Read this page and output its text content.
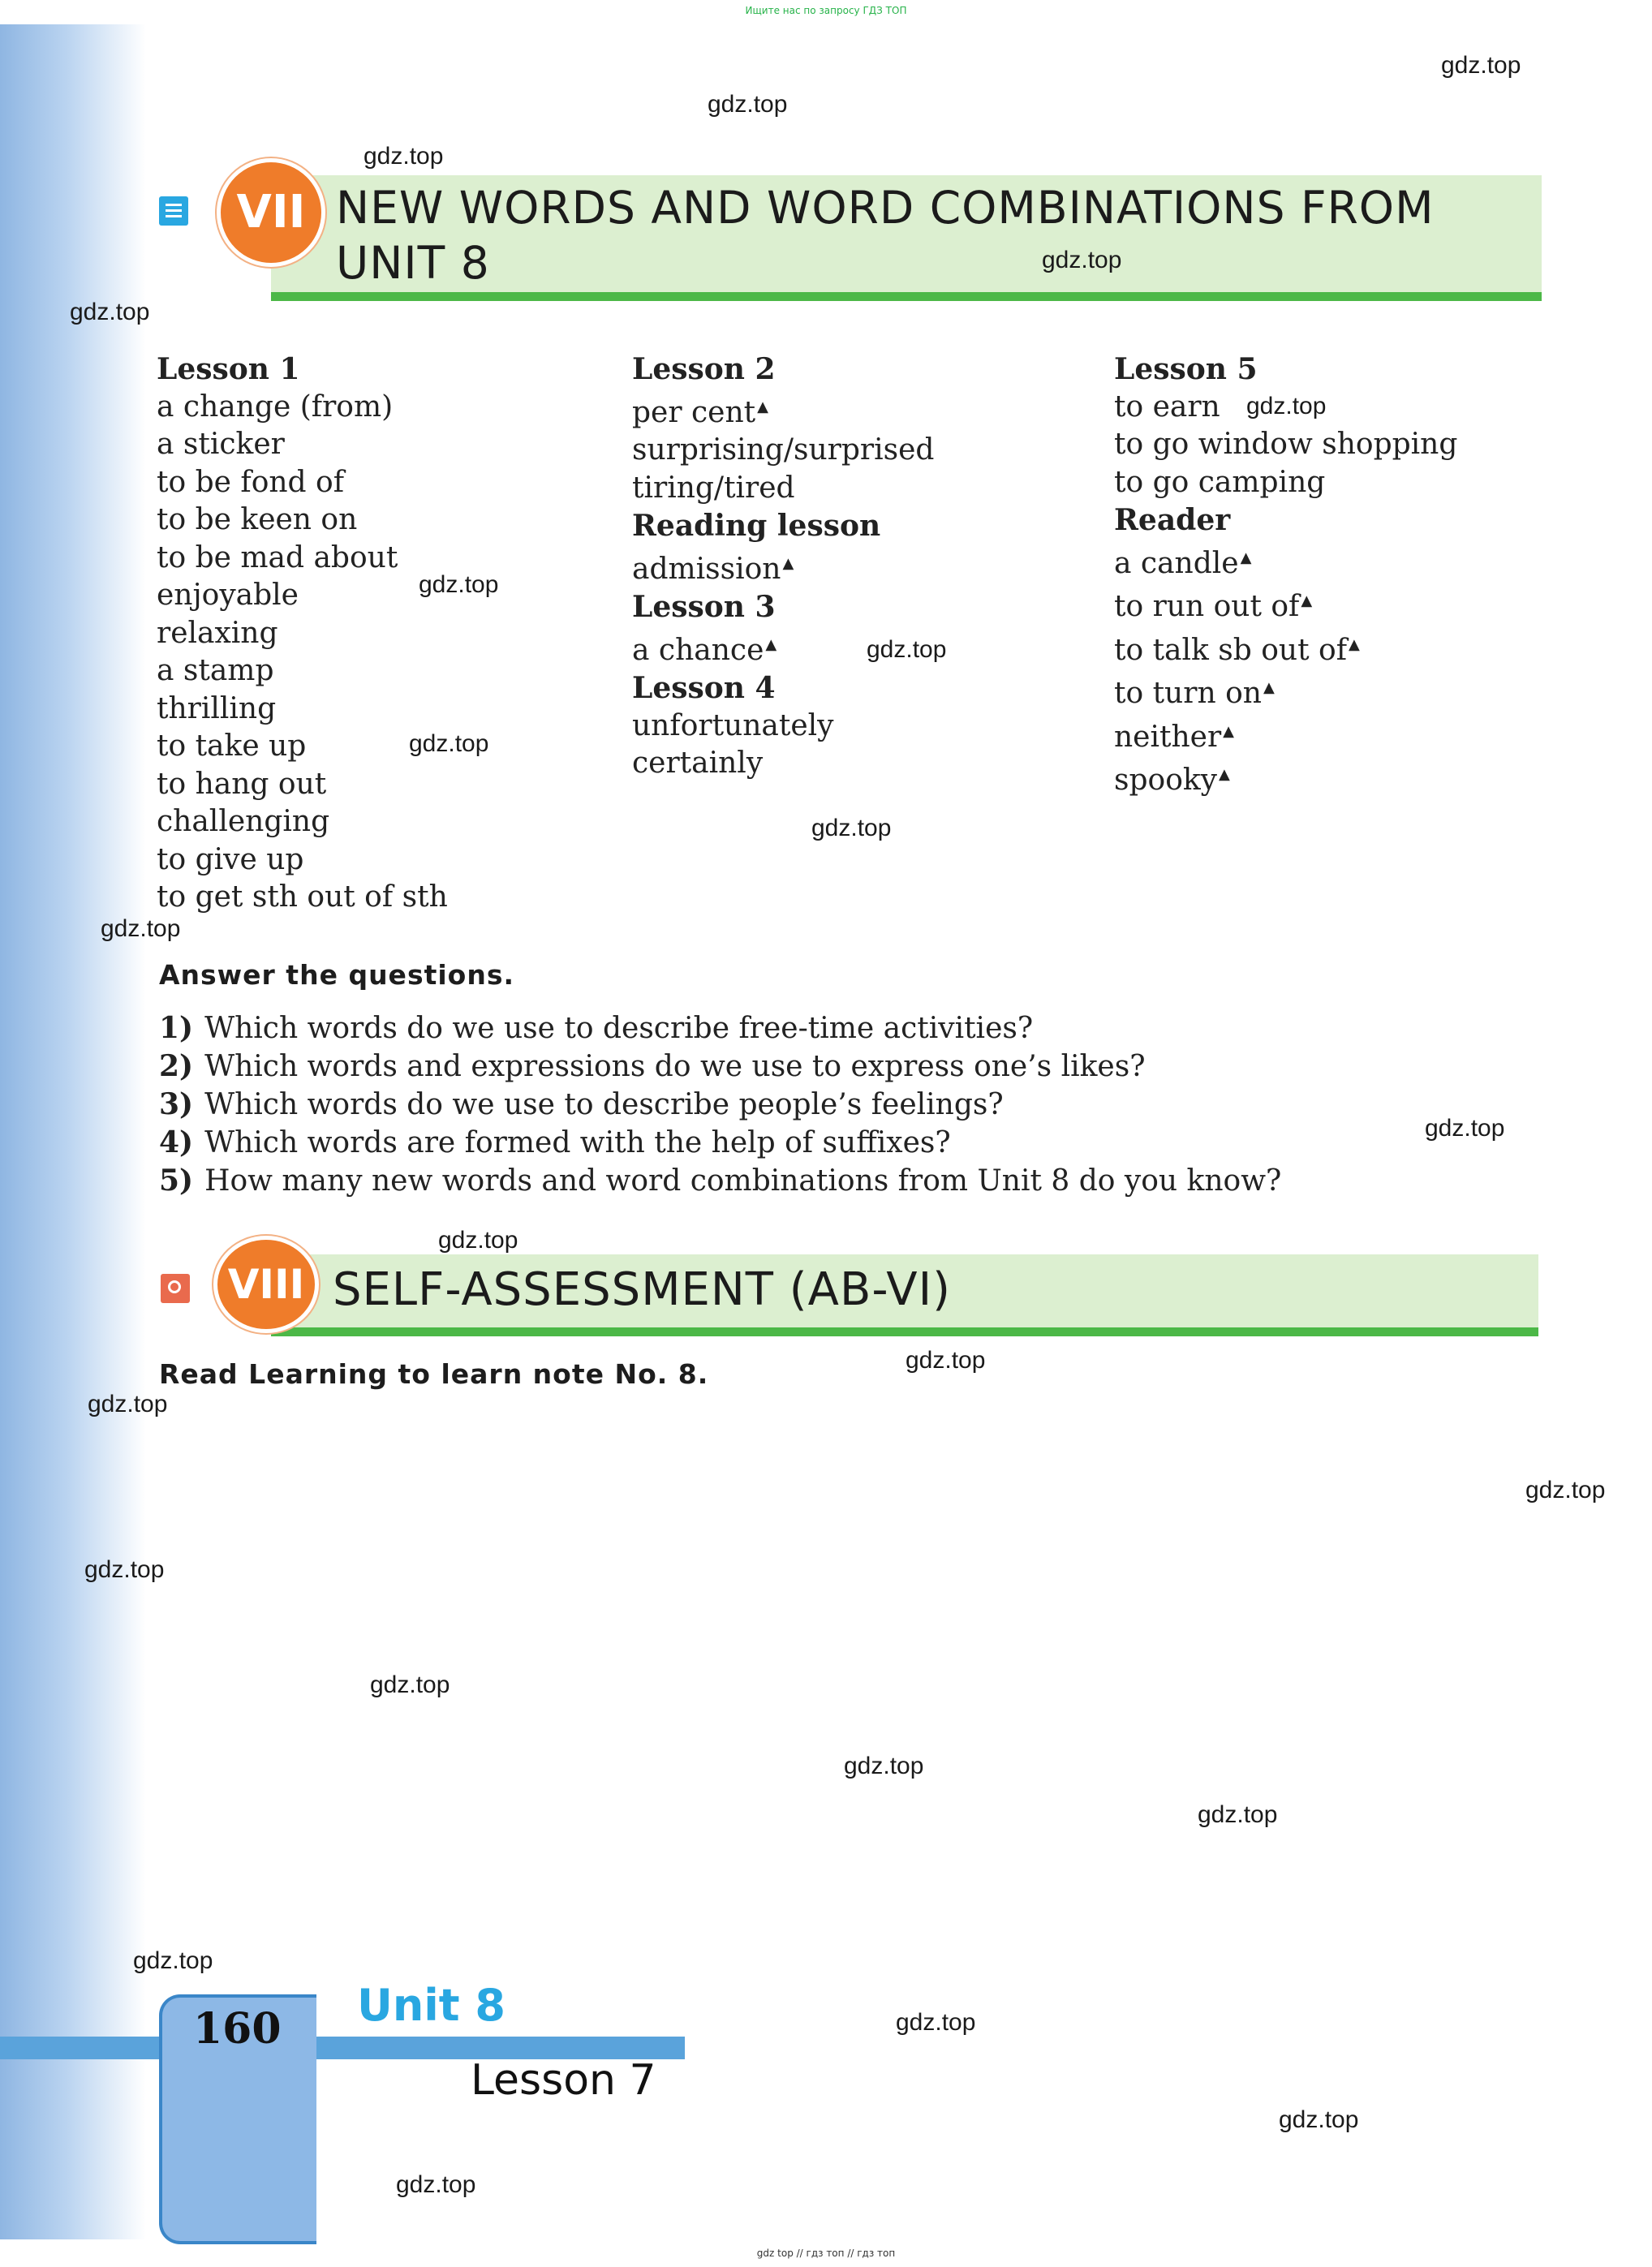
Ищите нас по запросу ГДЗ ТОП
VII NEW WORDS AND WORD COMBINATIONS FROM
UNIT 8
Lesson 1
a change (from)
a sticker
to be fond of
to be keen on
to be mad about
enjoyable
relaxing
a stamp
thrilling
to take up
to hang out
challenging
to give up
to get sth out of sth
Lesson 2
per cent ▲
surprising/surprised
tiring/tired
Reading lesson
admission ▲
Lesson 3
a chance ▲
Lesson 4
unfortunately
certainly
Lesson 5
to earn
to go window shopping
to go camping
Reader
a candle ▲
to run out of ▲
to talk sb out of ▲
to turn on ▲
neither ▲
spooky ▲
Answer the questions.
1) Which words do we use to describe free-time activities?
2) Which words and expressions do we use to express one’s likes?
3) Which words do we use to describe people’s feelings?
4) Which words are formed with the help of suffixes?
5) How many new words and word combinations from Unit 8 do you know?
VIII SELF-ASSESSMENT (AB-VI)
Read Learning to learn note No. 8.
gdz.top
gdz.top
gdz.top
gdz.top
gdz.top
gdz.top
gdz.top
gdz.top
gdz.top
gdz.top
gdz.top
gdz.top
gdz.top
gdz.top
gdz.top
gdz.top
gdz.top
gdz.top
gdz.top
gdz.top
gdz.top
gdz.top
gdz.top
gdz.top
160 Unit 8
Lesson 7
gdz top // гдз топ // гдз топ
